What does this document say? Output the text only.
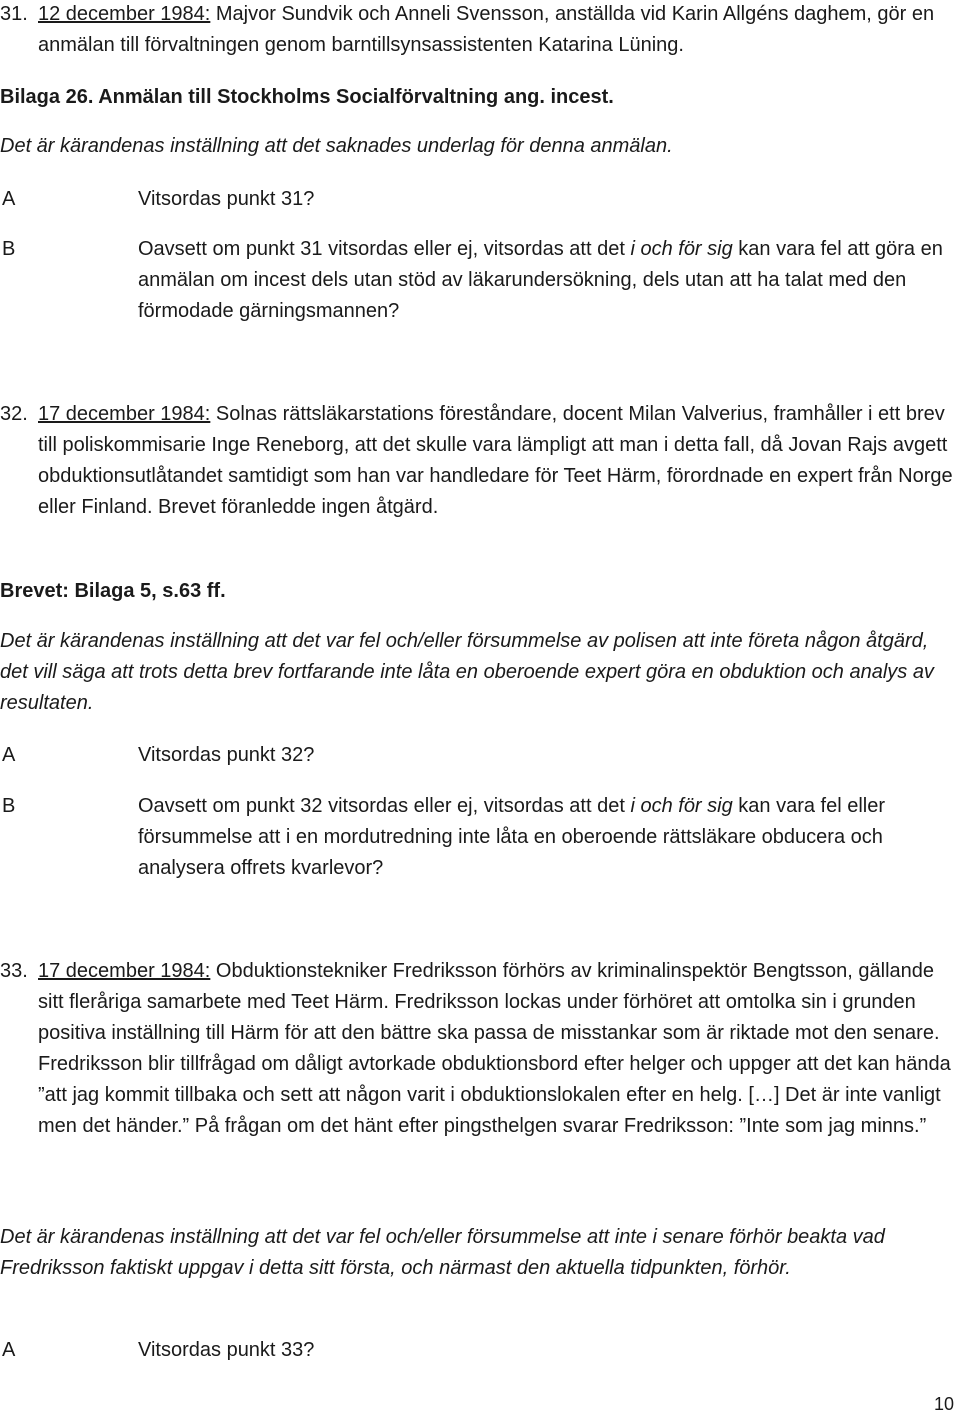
31. 12 december 1984: Majvor Sundvik och Anneli Svensson, anställda vid Karin Allgéns daghem, gör en anmälan till förvaltningen genom barntillsynsassistenten Katarina Lüning.

Bilaga 26. Anmälan till Stockholms Socialförvaltning ang. incest.

Det är kärandenas inställning att det saknades underlag för denna anmälan.

A	Vitsordas punkt 31?
B	Oavsett om punkt 31 vitsordas eller ej, vitsordas att det i och för sig kan vara fel att göra en anmälan om incest dels utan stöd av läkarundersökning, dels utan att ha talat med den förmodade gärningsmannen?
32. 17 december 1984: Solnas rättsläkarstations föreståndare, docent Milan Valverius, framhåller i ett brev till poliskommisarie Inge Reneborg, att det skulle vara lämpligt att man i detta fall, då Jovan Rajs avgett obduktionsutlåtandet samtidigt som han var handledare för Teet Härm, förordnade en expert från Norge eller Finland. Brevet föranledde ingen åtgärd.

Brevet: Bilaga 5, s.63 ff.

Det är kärandenas inställning att det var fel och/eller försummelse av polisen att inte företa någon åtgärd, det vill säga att trots detta brev fortfarande inte låta en oberoende expert göra en obduktion och analys av resultaten.

A	Vitsordas punkt 32?
B	Oavsett om punkt 32 vitsordas eller ej, vitsordas att det i och för sig kan vara fel eller försummelse att i en mordutredning inte låta en oberoende rättsläkare obducera och analysera offrets kvarlevor?
33. 17 december 1984: Obduktionstekniker Fredriksson förhörs av kriminalinspektör Bengtsson, gällande sitt fleråriga samarbete med Teet Härm. Fredriksson lockas under förhöret att omtolka sin i grunden positiva inställning till Härm för att den bättre ska passa de misstankar som är riktade mot den senare. Fredriksson blir tillfrågad om dåligt avtorkade obduktionsbord efter helger och uppger att det kan hända ”att jag kommit tillbaka och sett att någon varit i obduktionslokalen efter en helg. […] Det är inte vanligt men det händer.” På frågan om det hänt efter pingsthelgen svarar Fredriksson: ”Inte som jag minns.”

Det är kärandenas inställning att det var fel och/eller försummelse att inte i senare förhör beakta vad Fredriksson faktiskt uppgav i detta sitt första, och närmast den aktuella tidpunkten, förhör.

A	Vitsordas punkt 33?
10
